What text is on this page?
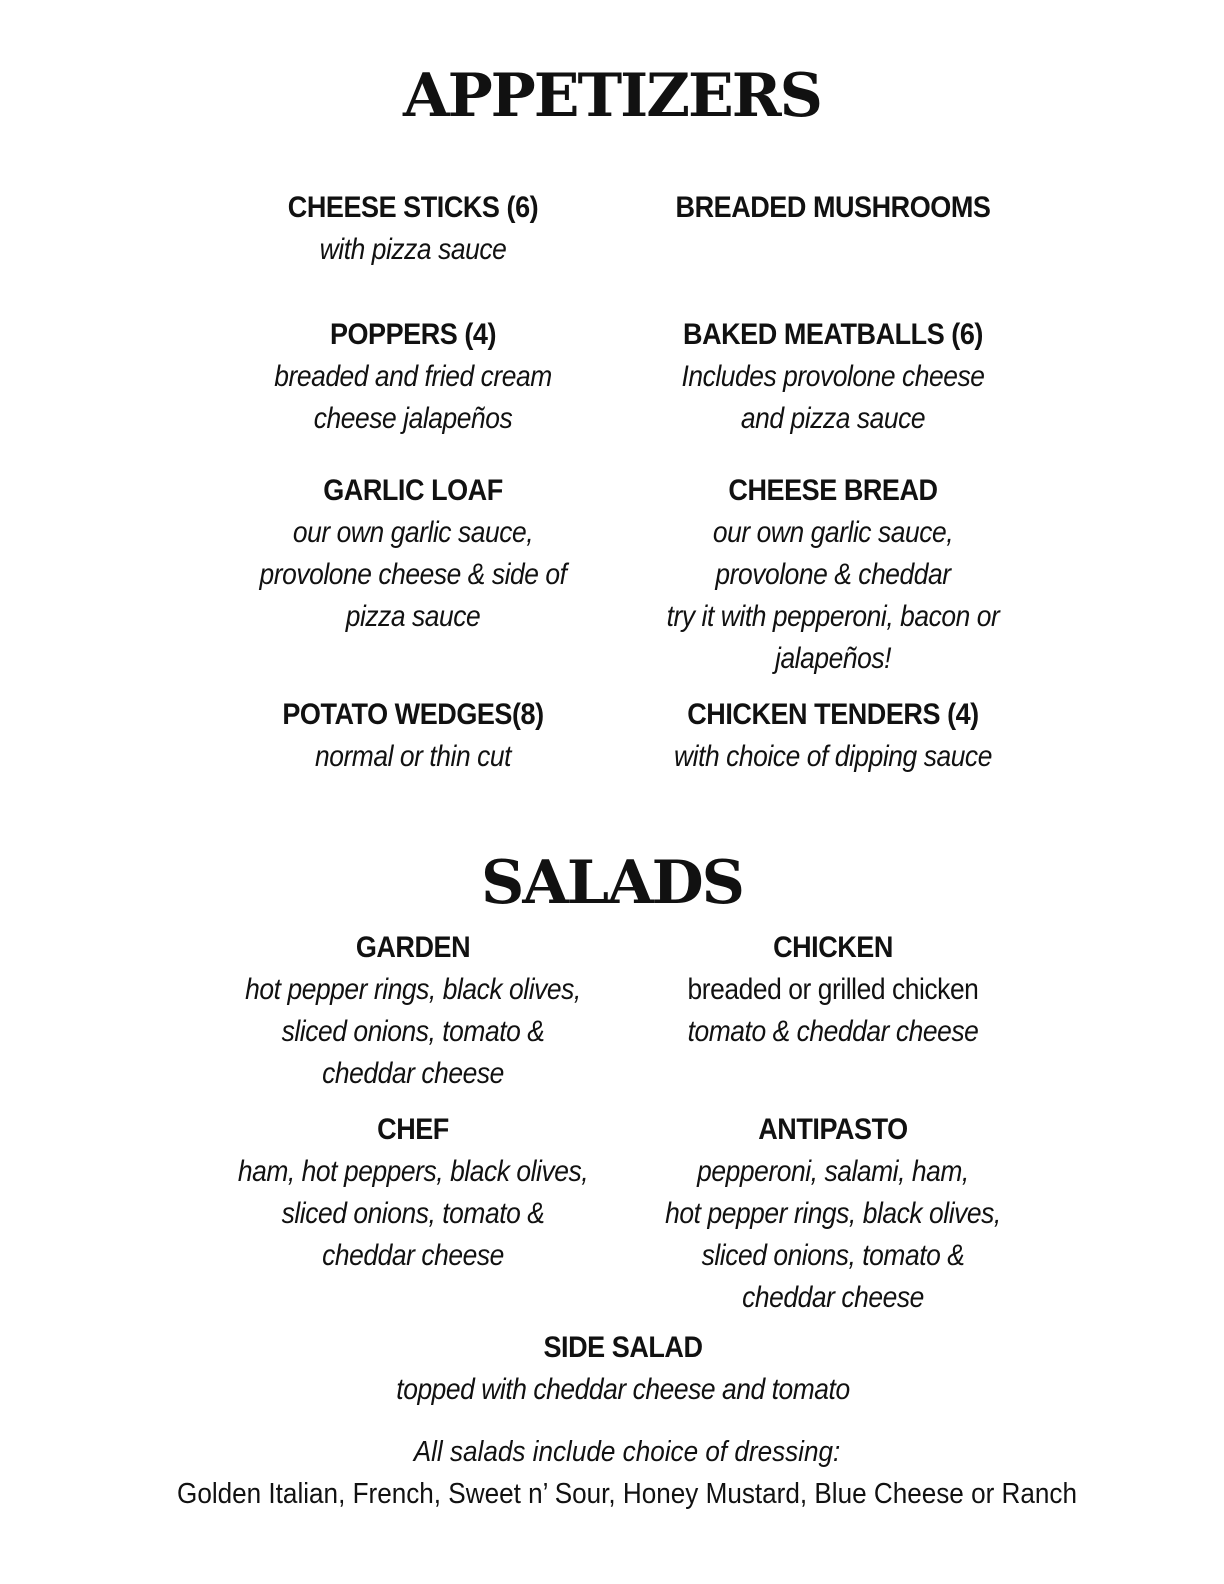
APPETIZERS
CHEESE STICKS (6)
with pizza sauce
BREADED MUSHROOMS
POPPERS (4)
breaded and fried cream
cheese jalapeños
BAKED MEATBALLS (6)
Includes provolone cheese
and pizza sauce
GARLIC LOAF
our own garlic sauce,
provolone cheese & side of
pizza sauce
CHEESE BREAD
our own garlic sauce,
provolone & cheddar
try it with pepperoni, bacon or
jalapeños!
POTATO WEDGES(8)
normal or thin cut
CHICKEN TENDERS (4)
with choice of dipping sauce
SALADS
GARDEN
hot pepper rings, black olives,
sliced onions, tomato &
cheddar cheese
CHICKEN
breaded or grilled chicken
tomato & cheddar cheese
CHEF
ham, hot peppers, black olives,
sliced onions, tomato &
cheddar cheese
ANTIPASTO
pepperoni, salami, ham,
hot pepper rings, black olives,
sliced onions, tomato &
cheddar cheese
SIDE SALAD
topped with cheddar cheese and tomato
All salads include choice of dressing:
Golden Italian, French, Sweet n’ Sour, Honey Mustard, Blue Cheese or Ranch
